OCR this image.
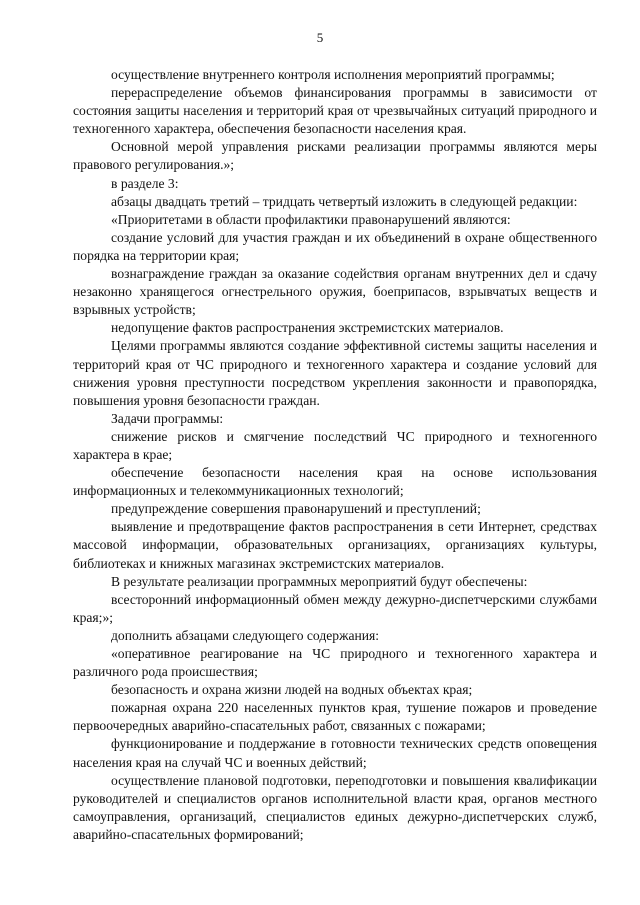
5

осуществление внутреннего контроля исполнения мероприятий программы;

перераспределение объемов финансирования программы в зависимости от состояния защиты населения и территорий края от чрезвычайных ситуаций природного и техногенного характера, обеспечения безопасности населения края.

Основной мерой управления рисками реализации программы являются меры правового регулирования.»;

в разделе 3:

абзацы двадцать третий – тридцать четвертый изложить в следующей редакции:

«Приоритетами в области профилактики правонарушений являются:

создание условий для участия граждан и их объединений в охране общественного порядка на территории края;

вознаграждение граждан за оказание содействия органам внутренних дел и сдачу незаконно хранящегося огнестрельного оружия, боеприпасов, взрывчатых веществ и взрывных устройств;

недопущение фактов распространения экстремистских материалов.

Целями программы являются создание эффективной системы защиты населения и территорий края от ЧС природного и техногенного характера и создание условий для снижения уровня преступности посредством укрепления законности и правопорядка, повышения уровня безопасности граждан.

Задачи программы:

снижение рисков и смягчение последствий ЧС природного и техногенного характера в крае;

обеспечение безопасности населения края на основе использования информационных и телекоммуникационных технологий;

предупреждение совершения правонарушений и преступлений;

выявление и предотвращение фактов распространения в сети Интернет, средствах массовой информации, образовательных организациях, организациях культуры, библиотеках и книжных магазинах экстремистских материалов.

В результате реализации программных мероприятий будут обеспечены:

всесторонний информационный обмен между дежурно-диспетчерскими службами края;»;

дополнить абзацами следующего содержания:

«оперативное реагирование на ЧС природного и техногенного характера и различного рода происшествия;

безопасность и охрана жизни людей на водных объектах края;

пожарная охрана 220 населенных пунктов края, тушение пожаров и проведение первоочередных аварийно-спасательных работ, связанных с пожарами;

функционирование и поддержание в готовности технических средств оповещения населения края на случай ЧС и военных действий;

осуществление плановой подготовки, переподготовки и повышения квалификации руководителей и специалистов органов исполнительной власти края, органов местного самоуправления, организаций, специалистов единых дежурно-диспетчерских служб, аварийно-спасательных формирований;
